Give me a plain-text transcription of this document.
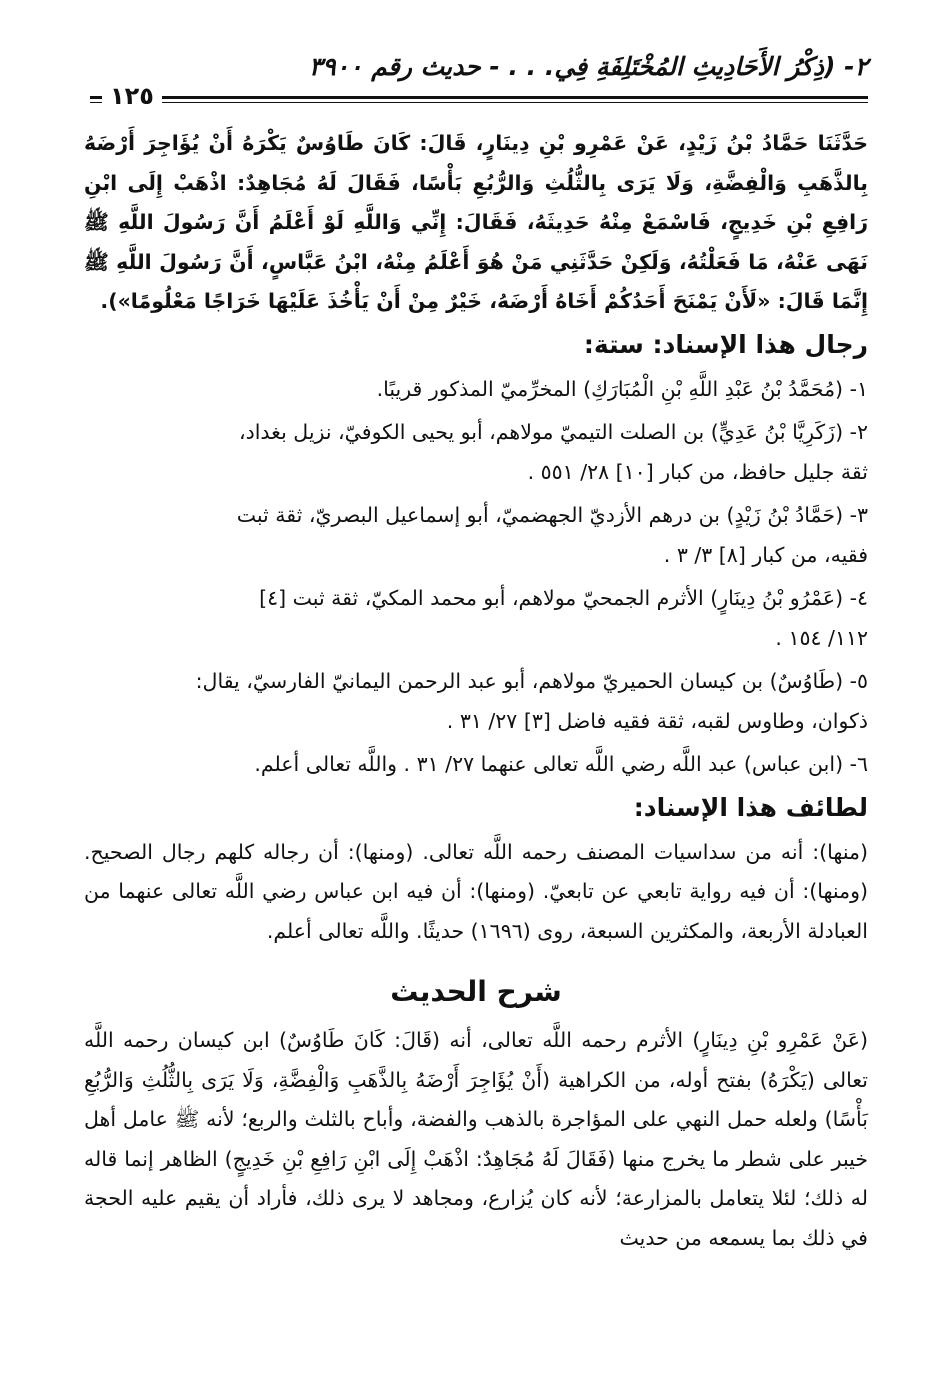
٢- (ذِكْرُ الأَحَادِيثِ المُخْتَلِفَةِ فِي. . . - حديث رقم ٣٩٠٠
١٢٥

حَدَّثَنَا حَمَّادُ بْنُ زَيْدٍ، عَنْ عَمْرِو بْنِ دِينَارٍ، قَالَ: كَانَ طَاوُسٌ يَكْرَهُ أَنْ يُؤَاجِرَ أَرْضَهُ بِالذَّهَبِ وَالْفِضَّةِ، وَلَا يَرَى بِالثُّلُثِ وَالرُّبُعِ بَأْسًا، فَقَالَ لَهُ مُجَاهِدٌ: اذْهَبْ إِلَى ابْنِ رَافِعِ بْنِ خَدِيجٍ، فَاسْمَعْ مِنْهُ حَدِيثَهُ، فَقَالَ: إِنِّي وَاللَّهِ لَوْ أَعْلَمُ أَنَّ رَسُولَ اللَّهِ ﷺ نَهَى عَنْهُ، مَا فَعَلْتُهُ، وَلَكِنْ حَدَّثَنِي مَنْ هُوَ أَعْلَمُ مِنْهُ، ابْنُ عَبَّاسٍ، أَنَّ رَسُولَ اللَّهِ ﷺ إِنَّمَا قَالَ: «لَأَنْ يَمْنَحَ أَحَدُكُمْ أَخَاهُ أَرْضَهُ، خَيْرٌ مِنْ أَنْ يَأْخُذَ عَلَيْهَا خَرَاجًا مَعْلُومًا»).

رجال هذا الإسناد: ستة:
١- (مُحَمَّدُ بْنُ عَبْدِ اللَّهِ بْنِ الْمُبَارَكِ) المخرِّميّ المذكور قريبًا.
٢- (زَكَرِيَّا بْنُ عَدِيٍّ) بن الصلت التيميّ مولاهم، أبو يحيى الكوفيّ، نزيل بغداد،
ثقة جليل حافظ، من كبار [١٠] ٢٨/ ٥٥١ .
٣- (حَمَّادُ بْنُ زَيْدٍ) بن درهم الأزديّ الجهضميّ، أبو إسماعيل البصريّ، ثقة ثبت
فقيه، من كبار [٨] ٣/ ٣ .
٤- (عَمْرُو بْنُ دِينَارٍ) الأثرم الجمحيّ مولاهم، أبو محمد المكيّ، ثقة ثبت [٤]
١١٢/ ١٥٤ .
٥- (طَاوُسٌ) بن كيسان الحميريّ مولاهم، أبو عبد الرحمن اليمانيّ الفارسيّ، يقال:
ذكوان، وطاوس لقبه، ثقة فقيه فاضل [٣] ٢٧/ ٣١ .
٦- (ابن عباس) عبد اللَّه رضي اللَّه تعالى عنهما ٢٧/ ٣١ . واللَّه تعالى أعلم.
لطائف هذا الإسناد:

(منها): أنه من سداسيات المصنف رحمه اللَّه تعالى. (ومنها): أن رجاله كلهم رجال الصحيح. (ومنها): أن فيه رواية تابعي عن تابعيّ. (ومنها): أن فيه ابن عباس رضي اللَّه تعالى عنهما من العبادلة الأربعة، والمكثرين السبعة، روى (١٦٩٦) حديثًا. واللَّه تعالى أعلم.

شرح الحديث

(عَنْ عَمْرِو بْنِ دِينَارٍ) الأثرم رحمه اللَّه تعالى، أنه (قَالَ: كَانَ طَاوُسٌ) ابن كيسان رحمه اللَّه تعالى (يَكْرَهُ) بفتح أوله، من الكراهية (أَنْ يُؤَاجِرَ أَرْضَهُ بِالذَّهَبِ وَالْفِضَّةِ، وَلَا يَرَى بِالثُّلُثِ وَالرُّبُعِ بَأْسًا) ولعله حمل النهي على المؤاجرة بالذهب والفضة، وأباح بالثلث والربع؛ لأنه ﷺ عامل أهل خيبر على شطر ما يخرج منها (فَقَالَ لَهُ مُجَاهِدٌ: اذْهَبْ إِلَى ابْنِ رَافِعِ بْنِ خَدِيجٍ) الظاهر إنما قاله له ذلك؛ لئلا يتعامل بالمزارعة؛ لأنه كان يُزارع، ومجاهد لا يرى ذلك، فأراد أن يقيم عليه الحجة في ذلك بما يسمعه من حديث
